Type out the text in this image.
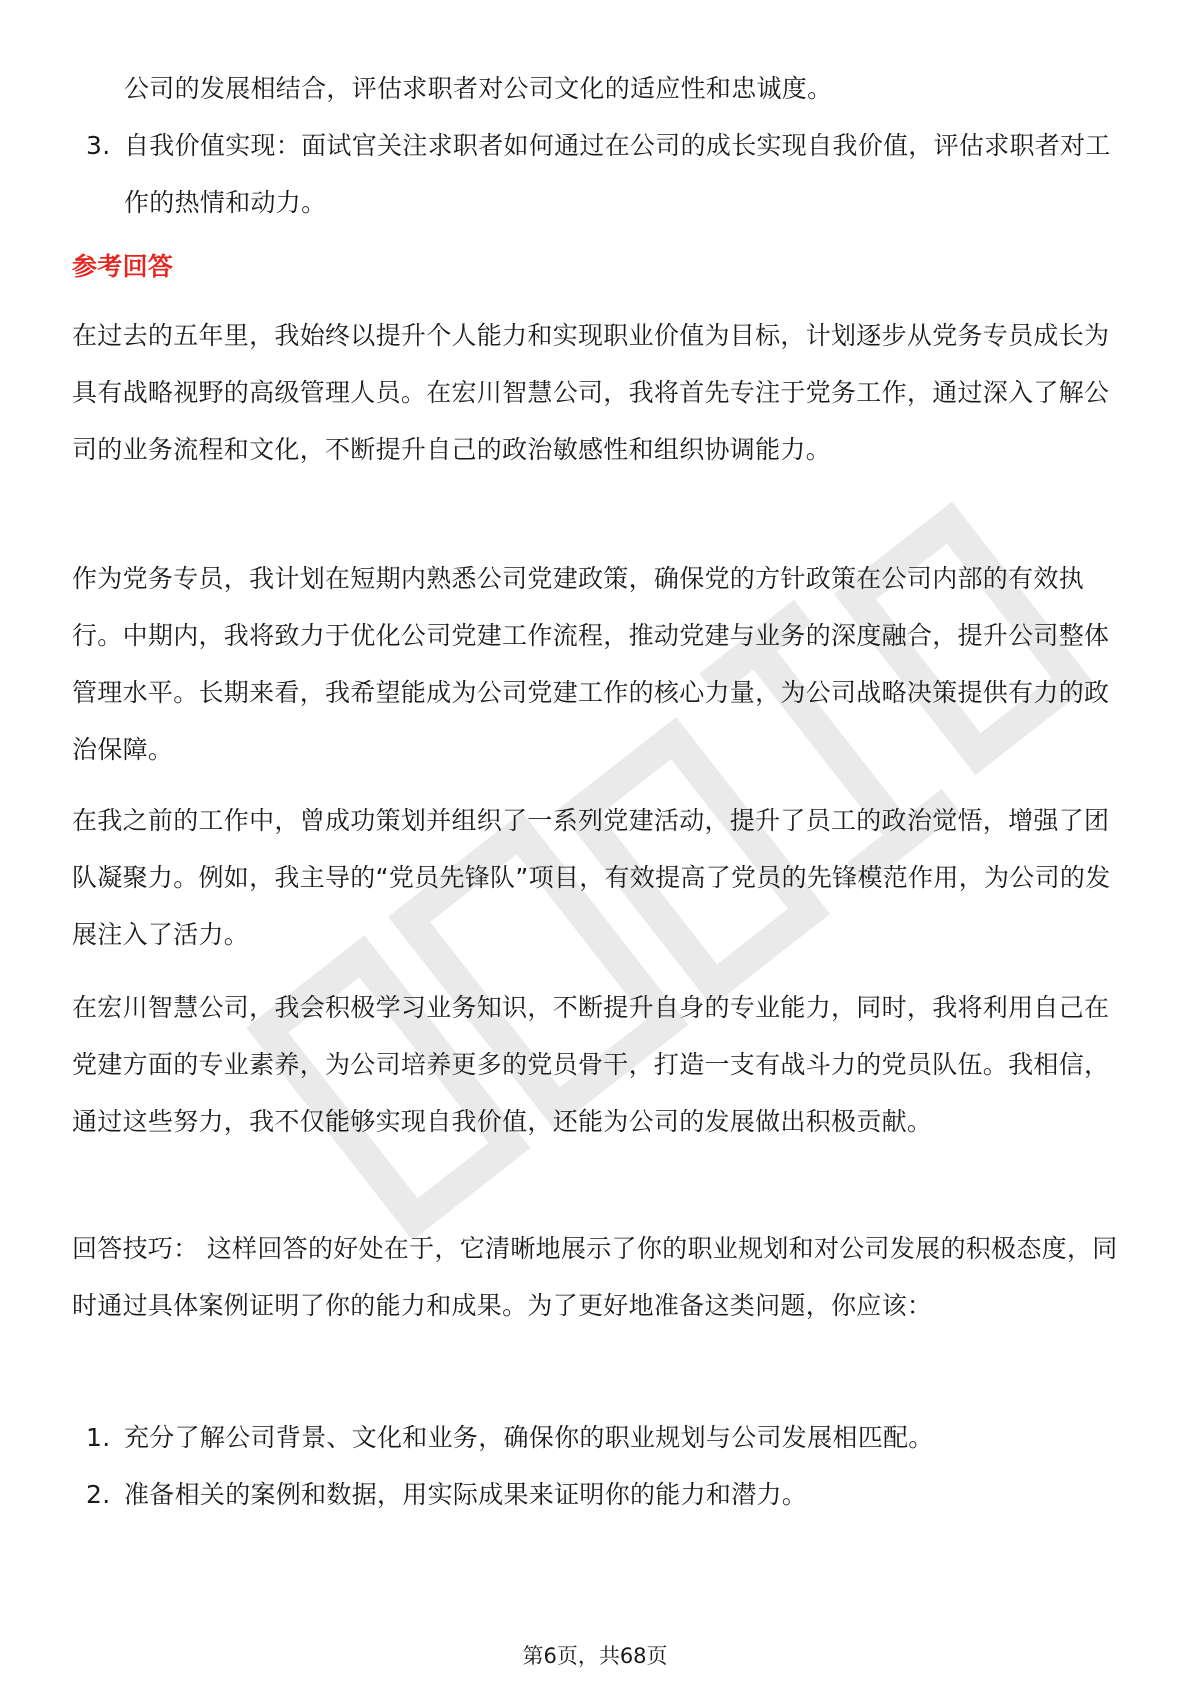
公司的发展相结合，评估求职者对公司文化的适应性和忠诚度。
3. 自我价值实现：面试官关注求职者如何通过在公司的成长实现自我价值，评估求职者对工作的热情和动力。
参考回答

在过去的五年里，我始终以提升个人能力和实现职业价值为目标，计划逐步从党务专员成长为具有战略视野的高级管理人员。在宏川智慧公司，我将首先专注于党务工作，通过深入了解公司的业务流程和文化，不断提升自己的政治敏感性和组织协调能力。

作为党务专员，我计划在短期内熟悉公司党建政策，确保党的方针政策在公司内部的有效执行。中期内，我将致力于优化公司党建工作流程，推动党建与业务的深度融合，提升公司整体管理水平。长期来看，我希望能成为公司党建工作的核心力量，为公司战略决策提供有力的政治保障。

在我之前的工作中，曾成功策划并组织了一系列党建活动，提升了员工的政治觉悟，增强了团队凝聚力。例如，我主导的“党员先锋队”项目，有效提高了党员的先锋模范作用，为公司的发展注入了活力。

在宏川智慧公司，我会积极学习业务知识，不断提升自身的专业能力，同时，我将利用自己在党建方面的专业素养，为公司培养更多的党员骨干，打造一支有战斗力的党员队伍。我相信，通过这些努力，我不仅能够实现自我价值，还能为公司的发展做出积极贡献。

回答技巧： 这样回答的好处在于，它清晰地展示了你的职业规划和对公司发展的积极态度，同时通过具体案例证明了你的能力和成果。为了更好地准备这类问题，你应该：

1. 充分了解公司背景、文化和业务，确保你的职业规划与公司发展相匹配。
2. 准备相关的案例和数据，用实际成果来证明你的能力和潜力。
第6页，共68页
